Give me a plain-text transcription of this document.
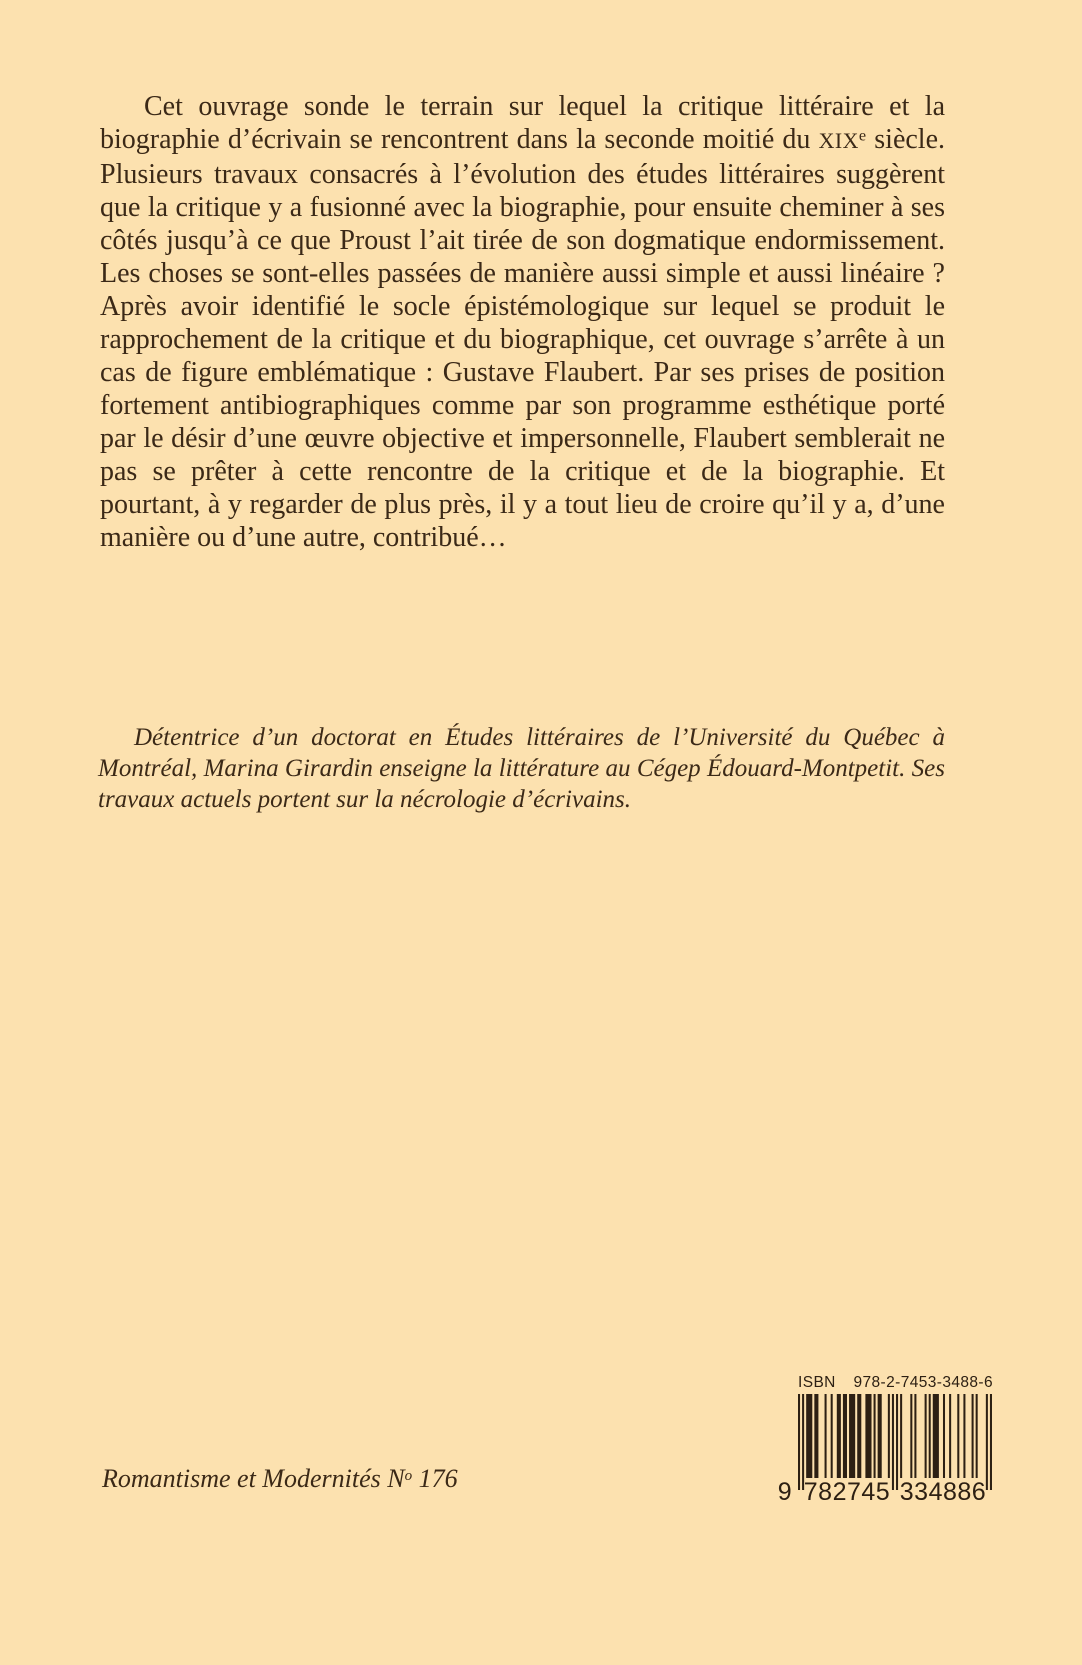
Cet ouvrage sonde le terrain sur lequel la critique littéraire et la biographie d’écrivain se rencontrent dans la seconde moitié du XIXe siècle. Plusieurs travaux consacrés à l’évolution des études littéraires suggèrent que la critique y a fusionné avec la biographie, pour ensuite cheminer à ses côtés jusqu’à ce que Proust l’ait tirée de son dogmatique endormissement. Les choses se sont-elles passées de manière aussi simple et aussi linéaire ? Après avoir identifié le socle épistémologique sur lequel se produit le rapprochement de la critique et du biographique, cet ouvrage s’arrête à un cas de figure emblématique : Gustave Flaubert. Par ses prises de position fortement antibiographiques comme par son programme esthétique porté par le désir d’une œuvre objective et impersonnelle, Flaubert semblerait ne pas se prêter à cette rencontre de la critique et de la biographie. Et pourtant, à y regarder de plus près, il y a tout lieu de croire qu’il y a, d’une manière ou d’une autre, contribué…

Détentrice d’un doctorat en Études littéraires de l’Université du Québec à Montréal, Marina Girardin enseigne la littérature au Cégep Édouard-Montpetit. Ses travaux actuels portent sur la nécrologie d’écrivains.

Romantisme et Modernités $N^o$ 176
ISBN 978-2-7453-3488-6
9 782745 334886
